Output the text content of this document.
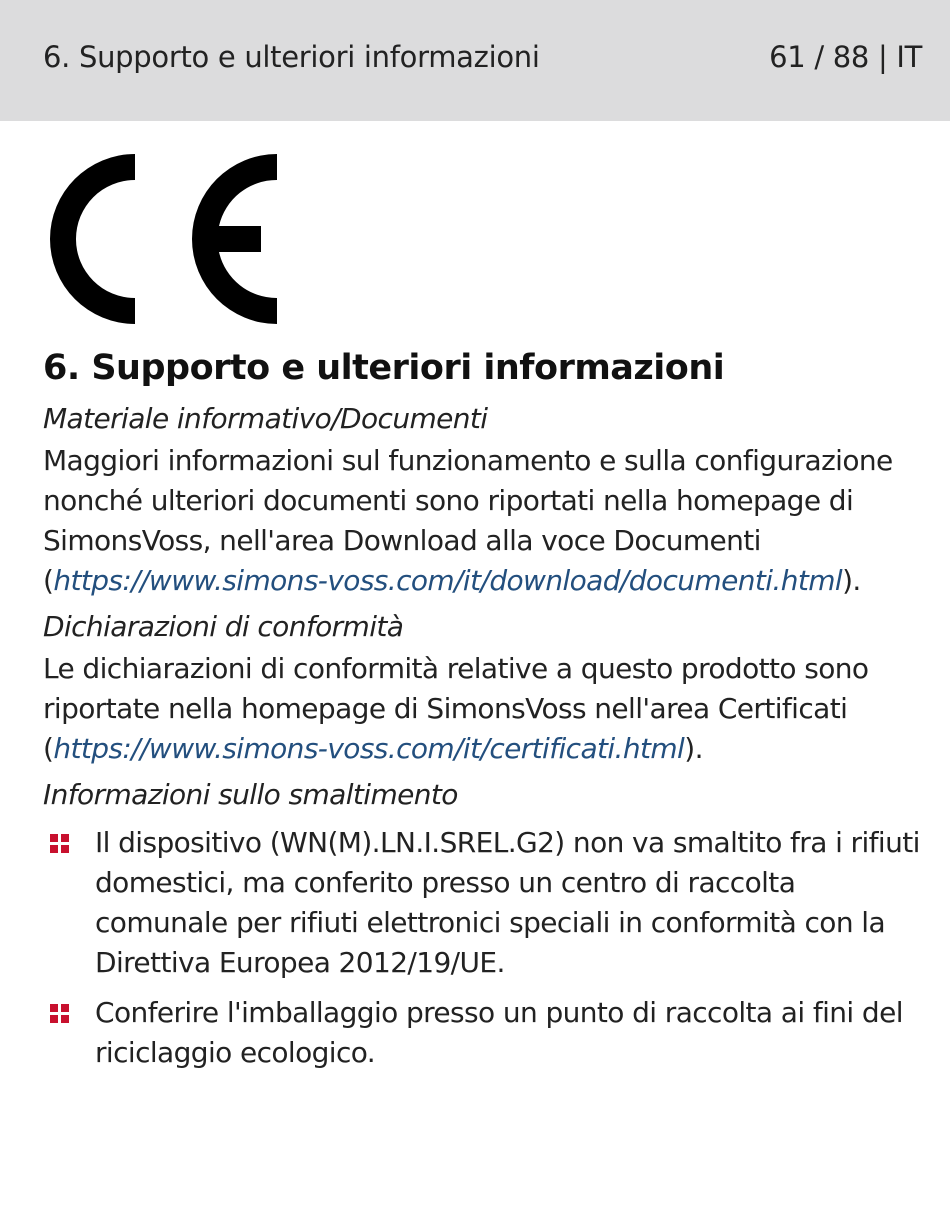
6. Supporto e ulteriori informazioni	61 / 88 | IT
6. Supporto e ulteriori informazioni
Materiale informativo/Documenti

Maggiori informazioni sul funzionamento e sulla configurazione nonché ulteriori documenti sono riportati nella homepage di SimonsVoss, nell'area Download alla voce Documenti (https://www.simons-voss.com/it/download/documenti.html).

Dichiarazioni di conformità

Le dichiarazioni di conformità relative a questo prodotto sono riportate nella homepage di SimonsVoss nell'area Certificati (https://www.simons-voss.com/it/certificati.html).

Informazioni sullo smaltimento
Il dispositivo (WN(M).LN.I.SREL.G2) non va smaltito fra i rifiuti domestici, ma conferito presso un centro di raccolta comunale per rifiuti elettronici speciali in conformità con la Direttiva Europea 2012/19/UE.
Conferire l'imballaggio presso un punto di raccolta ai fini del riciclaggio ecologico.
